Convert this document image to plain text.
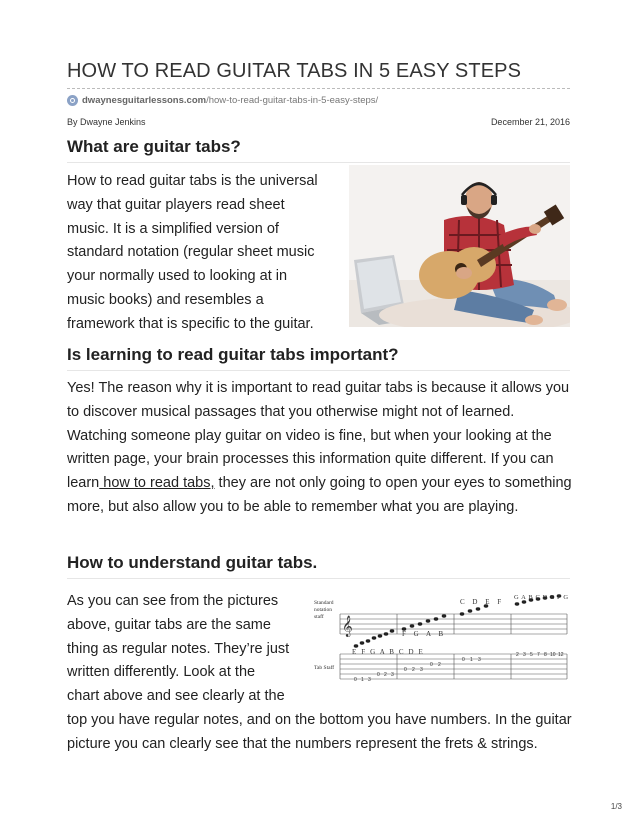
HOW TO READ GUITAR TABS IN 5 EASY STEPS
dwaynesguitarlessons.com /how-to-read-guitar-tabs-in-5-easy-steps/
By Dwayne Jenkins	December 21, 2016
What are guitar tabs?
How to read guitar tabs is the universal
way that guitar players read sheet
music. It is a simplified version of
standard notation (regular sheet music
your normally used to looking at in
music books) and resembles a
framework that is specific to the guitar.
Is learning to read guitar tabs important?

Yes! The reason why it is important to read guitar tabs is because it allows you to discover musical passages that you otherwise might not of learned. Watching someone play guitar on video is fine, but when your looking at the written page, your brain processes this information quite different. If you can learn how to read tabs, they are not only going to open your eyes to something more, but also allow you to be able to remember what you are playing.

How to understand guitar tabs.
As you can see from the pictures
above, guitar tabs are the same
thing as regular notes. They’re just
written differently. Look at the
chart above and see clearly at the
Standard
notation
staff
Tab Staff
𝄞
E F G A B C D E
F G A B
C D E F
G A B C D E F G
0 1 3
0 2 3
0 2 3
0 2
0 1 3
2 3 5 7 8 10 12
0 1 3 0 2 3 0 2 3 0 2 0 1 3 2 3 5 7 8 10 12

top you have regular notes, and on the bottom you have numbers. In the guitar picture you can clearly see that the numbers represent the frets & strings.

1/3
